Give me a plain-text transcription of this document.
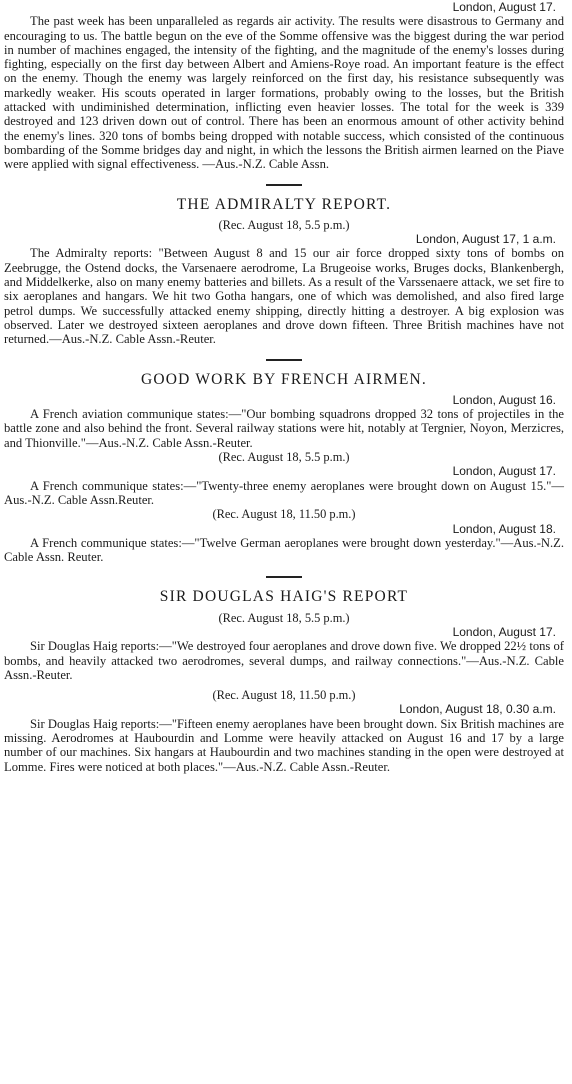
London, August 17.

The past week has been unparalleled as regards air activity. The results were disastrous to Germany and encouraging to us. The battle begun on the eve of the Somme offensive was the biggest during the war period in number of machines engaged, the intensity of the fighting, and the magnitude of the enemy's losses during fighting, especially on the first day between Albert and Amiens-Roye road. An important feature is the effect on the enemy. Though the enemy was largely reinforced on the first day, his resistance subsequently was markedly weaker. His scouts operated in larger formations, probably owing to the losses, but the British attacked with undiminished determination, inflicting even heavier losses. The total for the week is 339 destroyed and 123 driven down out of control. There has been an enormous amount of other activity behind the enemy's lines. 320 tons of bombs being dropped with notable success, which consisted of the continuous bombarding of the Somme bridges day and night, in which the lessons the British airmen learned on the Piave were applied with signal effectiveness. —Aus.-N.Z. Cable Assn.

THE ADMIRALTY REPORT.

(Rec. August 18, 5.5 p.m.)

London, August 17, 1 a.m.

The Admiralty reports: "Between August 8 and 15 our air force dropped sixty tons of bombs on Zeebrugge, the Ostend docks, the Varsenaere aerodrome, La Brugeoise works, Bruges docks, Blankenbergh, and Middelkerke, also on many enemy batteries and billets. As a result of the Varssenaere attack, we set fire to six aeroplanes and hangars. We hit two Gotha hangars, one of which was demolished, and also fired large petrol dumps. We successfully attacked enemy shipping, directly hitting a destroyer. A big explosion was observed. Later we destroyed sixteen aeroplanes and drove down fifteen. Three British machines have not returned.—Aus.-N.Z. Cable Assn.-Reuter.

GOOD WORK BY FRENCH AIRMEN.

London, August 16.

A French aviation communique states:—"Our bombing squadrons dropped 32 tons of projectiles in the battle zone and also behind the front. Several railway stations were hit, notably at Tergnier, Noyon, Merzicres, and Thionville."—Aus.-N.Z. Cable Assn.-Reuter.

(Rec. August 18, 5.5 p.m.)

London, August 17.

A French communique states:—"Twenty-three enemy aeroplanes were brought down on August 15."—Aus.-N.Z. Cable Assn.Reuter.

(Rec. August 18, 11.50 p.m.)

London, August 18.

A French communique states:—"Twelve German aeroplanes were brought down yesterday."—Aus.-N.Z. Cable Assn. Reuter.

SIR DOUGLAS HAIG'S REPORT

(Rec. August 18, 5.5 p.m.)

London, August 17.

Sir Douglas Haig reports:—"We destroyed four aeroplanes and drove down five. We dropped 22½ tons of bombs, and heavily attacked two aerodromes, several dumps, and railway connections."—Aus.-N.Z. Cable Assn.-Reuter.

(Rec. August 18, 11.50 p.m.)

London, August 18, 0.30 a.m.

Sir Douglas Haig reports:—"Fifteen enemy aeroplanes have been brought down. Six British machines are missing. Aerodromes at Haubourdin and Lomme were heavily attacked on August 16 and 17 by a large number of our machines. Six hangars at Haubourdin and two machines standing in the open were destroyed at Lomme. Fires were noticed at both places."—Aus.-N.Z. Cable Assn.-Reuter.
